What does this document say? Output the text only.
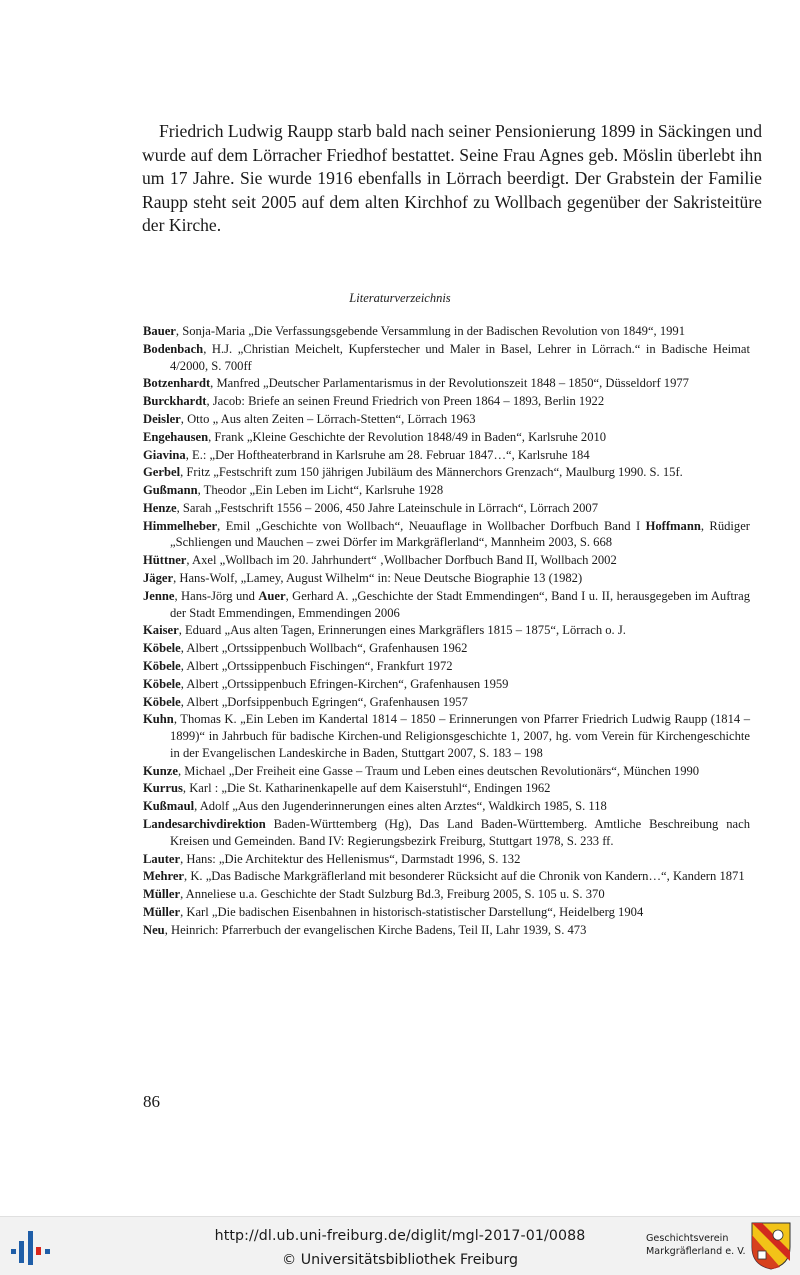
Friedrich Ludwig Raupp starb bald nach seiner Pensionierung 1899 in Säckingen und wurde auf dem Lörracher Friedhof bestattet. Seine Frau Agnes geb. Möslin überlebt ihn um 17 Jahre. Sie wurde 1916 ebenfalls in Lörrach beerdigt. Der Grabstein der Familie Raupp steht seit 2005 auf dem alten Kirchhof zu Wollbach gegenüber der Sakristeitüre der Kirche.

Literaturverzeichnis

Bauer, Sonja-Maria „Die Verfassungsgebende Versammlung in der Badischen Revolution von 1849“, 1991
Bodenbach, H.J. „Christian Meichelt, Kupferstecher und Maler in Basel, Lehrer in Lörrach.“ in Badische Heimat 4/2000, S. 700ff
Botzenhardt, Manfred „Deutscher Parlamentarismus in der Revolutionszeit 1848 – 1850“, Düsseldorf 1977
Burckhardt, Jacob: Briefe an seinen Freund Friedrich von Preen 1864 – 1893, Berlin 1922
Deisler, Otto „ Aus alten Zeiten – Lörrach-Stetten“, Lörrach 1963
Engehausen, Frank „Kleine Geschichte der Revolution 1848/49 in Baden“, Karlsruhe 2010
Giavina, E.: „Der Hoftheaterbrand in Karlsruhe am 28. Februar 1847…“, Karlsruhe 184
Gerbel, Fritz „Festschrift zum 150 jährigen Jubiläum des Männerchors Grenzach“, Maulburg 1990. S. 15f.
Gußmann, Theodor „Ein Leben im Licht“, Karlsruhe 1928
Henze, Sarah „Festschrift 1556 – 2006, 450 Jahre Lateinschule in Lörrach“, Lörrach 2007
Himmelheber, Emil „Geschichte von Wollbach“, Neuauflage in Wollbacher Dorfbuch Band I Hoffmann, Rüdiger „Schliengen und Mauchen – zwei Dörfer im Markgräflerland“, Mannheim 2003, S. 668
Hüttner, Axel „Wollbach im 20. Jahrhundert“ ‚Wollbacher Dorfbuch Band II, Wollbach 2002
Jäger, Hans-Wolf, „Lamey, August Wilhelm“ in: Neue Deutsche Biographie 13 (1982)
Jenne, Hans-Jörg und Auer, Gerhard A. „Geschichte der Stadt Emmendingen“, Band I u. II, herausgegeben im Auftrag der Stadt Emmendingen, Emmendingen 2006
Kaiser, Eduard „Aus alten Tagen, Erinnerungen eines Markgräflers 1815 – 1875“, Lörrach o. J.
Köbele, Albert „Ortssippenbuch Wollbach“, Grafenhausen 1962
Köbele, Albert „Ortssippenbuch Fischingen“, Frankfurt 1972
Köbele, Albert „Ortssippenbuch Efringen-Kirchen“, Grafenhausen 1959
Köbele, Albert „Dorfsippenbuch Egringen“, Grafenhausen 1957
Kuhn, Thomas K. „Ein Leben im Kandertal 1814 – 1850 – Erinnerungen von Pfarrer Friedrich Ludwig Raupp (1814 – 1899)“ in Jahrbuch für badische Kirchen-und Religionsgeschichte 1, 2007, hg. vom Verein für Kirchengeschichte in der Evangelischen Landeskirche in Baden, Stuttgart 2007, S. 183 – 198
Kunze, Michael „Der Freiheit eine Gasse – Traum und Leben eines deutschen Revolutionärs“, München 1990
Kurrus, Karl : „Die St. Katharinenkapelle auf dem Kaiserstuhl“, Endingen 1962
Kußmaul, Adolf „Aus den Jugenderinnerungen eines alten Arztes“, Waldkirch 1985, S. 118
Landesarchivdirektion Baden-Württemberg (Hg), Das Land Baden-Württemberg. Amtliche Beschreibung nach Kreisen und Gemeinden. Band IV: Regierungsbezirk Freiburg, Stuttgart 1978, S. 233 ff.
Lauter, Hans: „Die Architektur des Hellenismus“, Darmstadt 1996, S. 132
Mehrer, K. „Das Badische Markgräflerland mit besonderer Rücksicht auf die Chronik von Kandern…“, Kandern 1871
Müller, Anneliese u.a. Geschichte der Stadt Sulzburg Bd.3, Freiburg 2005, S. 105 u. S. 370
Müller, Karl „Die badischen Eisenbahnen in historisch-statistischer Darstellung“, Heidelberg 1904
Neu, Heinrich: Pfarrerbuch der evangelischen Kirche Badens, Teil II, Lahr 1939, S. 473

86

http://dl.ub.uni-freiburg.de/diglit/mgl-2017-01/0088
© Universitätsbibliothek Freiburg
Geschichtsverein
Markgräflerland e. V.
